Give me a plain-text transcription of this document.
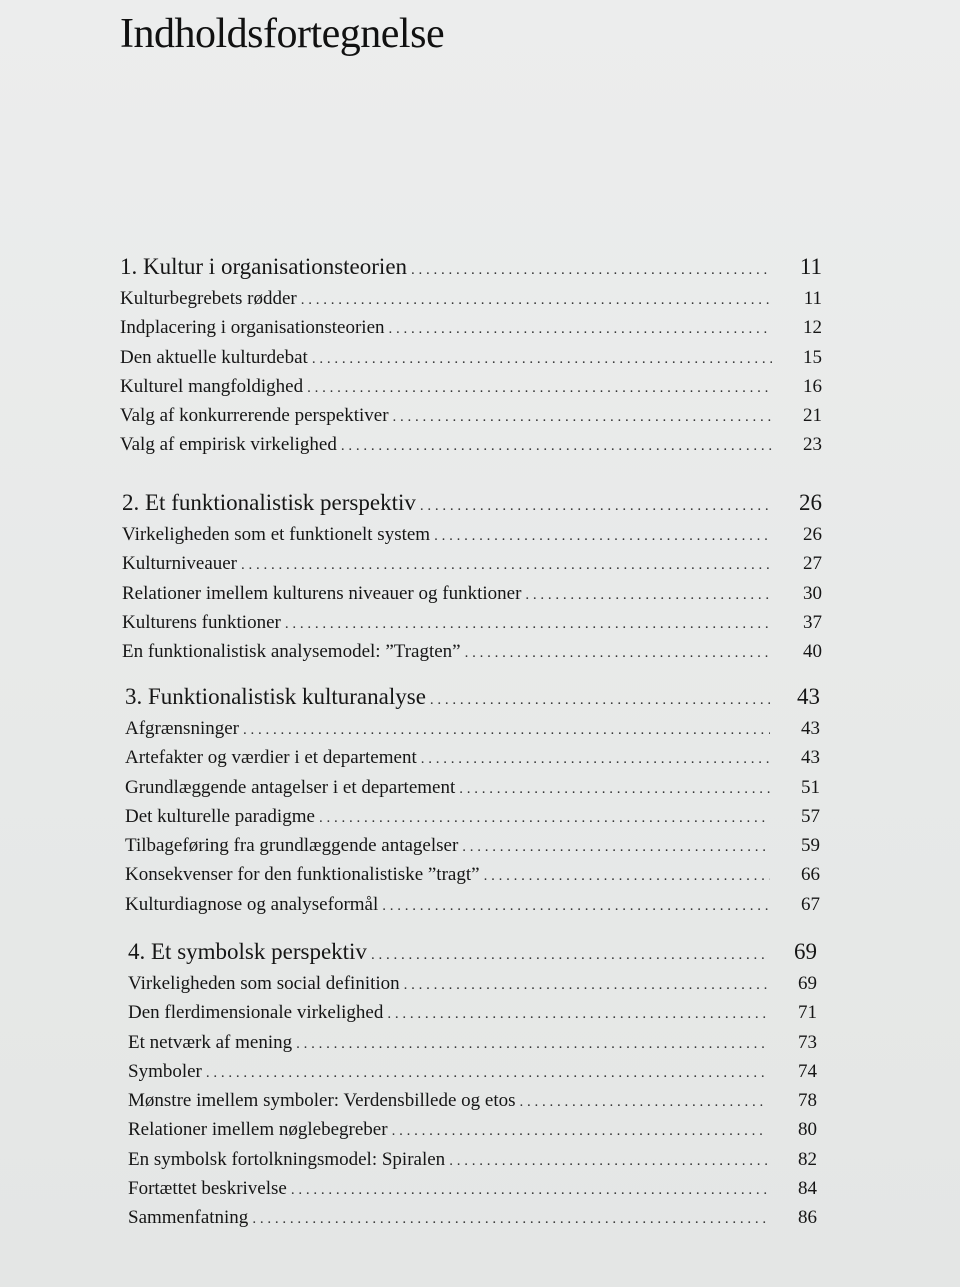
Indholdsfortegnelse
1. Kultur i organisationsteorien . . .	11
Kulturbegrebets rødder . . .	11
Indplacering i organisationsteorien . . .	12
Den aktuelle kulturdebat . . .	15
Kulturel mangfoldighed . . .	16
Valg af konkurrerende perspektiver . . .	21
Valg af empirisk virkelighed . . .	23
2. Et funktionalistisk perspektiv . . .	26
Virkeligheden som et funktionelt system . . .	26
Kulturniveauer . . .	27
Relationer imellem kulturens niveauer og funktioner . . .	30
Kulturens funktioner . . .	37
En funktionalistisk analysemodel: ”Tragten” . . .	40
3. Funktionalistisk kulturanalyse . . .	43
Afgrænsninger . . .	43
Artefakter og værdier i et departement . . .	43
Grundlæggende antagelser i et departement . . .	51
Det kulturelle paradigme . . .	57
Tilbageføring fra grundlæggende antagelser . . .	59
Konsekvenser for den funktionalistiske ”tragt” . . .	66
Kulturdiagnose og analyseformål . . .	67
4. Et symbolsk perspektiv . . .	69
Virkeligheden som social definition . . .	69
Den flerdimensionale virkelighed . . .	71
Et netværk af mening . . .	73
Symboler . . .	74
Mønstre imellem symboler: Verdensbillede og etos . . .	78
Relationer imellem nøglebegreber . . .	80
En symbolsk fortolkningsmodel: Spiralen . . .	82
Fortættet beskrivelse . . .	84
Sammenfatning . . .	86
